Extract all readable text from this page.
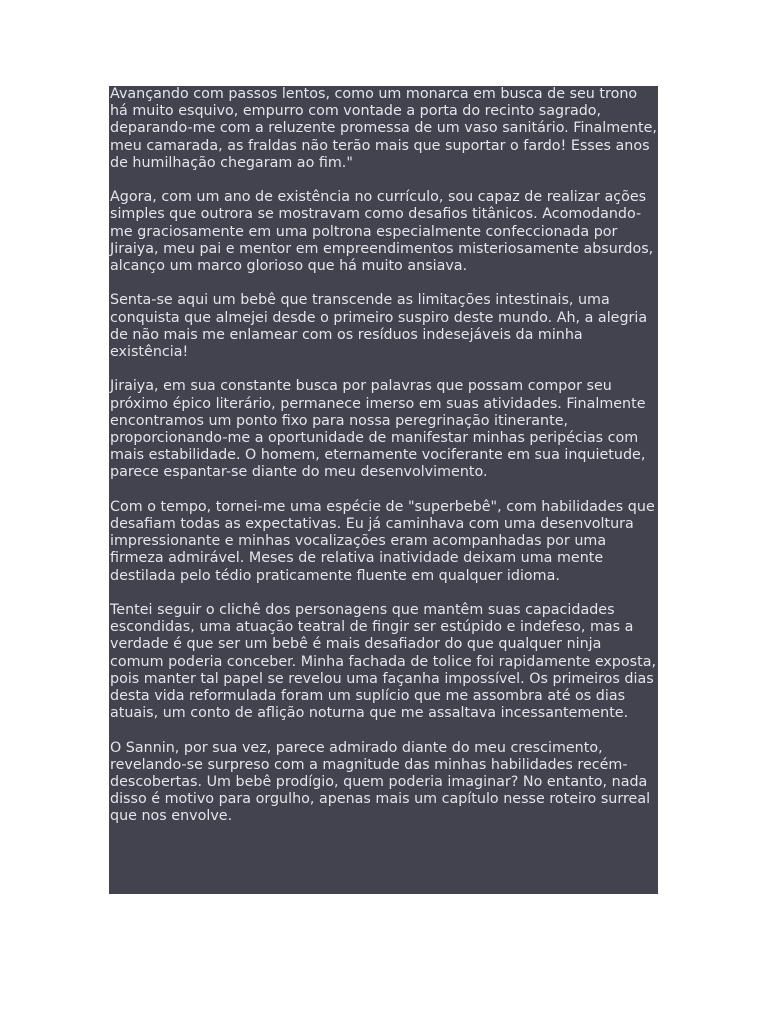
Avançando com passos lentos, como um monarca em busca de seu trono há muito esquivo, empurro com vontade a porta do recinto sagrado, deparando-me com a reluzente promessa de um vaso sanitário. Finalmente, meu camarada, as fraldas não terão mais que suportar o fardo! Esses anos de humilhação chegaram ao fim."

Agora, com um ano de existência no currículo, sou capaz de realizar ações simples que outrora se mostravam como desafios titânicos. Acomodando-me graciosamente em uma poltrona especialmente confeccionada por Jiraiya, meu pai e mentor em empreendimentos misteriosamente absurdos, alcanço um marco glorioso que há muito ansiava.

Senta-se aqui um bebê que transcende as limitações intestinais, uma conquista que almejei desde o primeiro suspiro deste mundo. Ah, a alegria de não mais me enlamear com os resíduos indesejáveis da minha existência!

Jiraiya, em sua constante busca por palavras que possam compor seu próximo épico literário, permanece imerso em suas atividades. Finalmente encontramos um ponto fixo para nossa peregrinação itinerante, proporcionando-me a oportunidade de manifestar minhas peripécias com mais estabilidade. O homem, eternamente vociferante em sua inquietude, parece espantar-se diante do meu desenvolvimento.

Com o tempo, tornei-me uma espécie de "superbebê", com habilidades que desafiam todas as expectativas. Eu já caminhava com uma desenvoltura impressionante e minhas vocalizações eram acompanhadas por uma firmeza admirável. Meses de relativa inatividade deixam uma mente destilada pelo tédio praticamente fluente em qualquer idioma.

Tentei seguir o clichê dos personagens que mantêm suas capacidades escondidas, uma atuação teatral de fingir ser estúpido e indefeso, mas a verdade é que ser um bebê é mais desafiador do que qualquer ninja comum poderia conceber. Minha fachada de tolice foi rapidamente exposta, pois manter tal papel se revelou uma façanha impossível. Os primeiros dias desta vida reformulada foram um suplício que me assombra até os dias atuais, um conto de aflição noturna que me assaltava incessantemente.

O Sannin, por sua vez, parece admirado diante do meu crescimento, revelando-se surpreso com a magnitude das minhas habilidades recém-descobertas. Um bebê prodígio, quem poderia imaginar? No entanto, nada disso é motivo para orgulho, apenas mais um capítulo nesse roteiro surreal que nos envolve.
